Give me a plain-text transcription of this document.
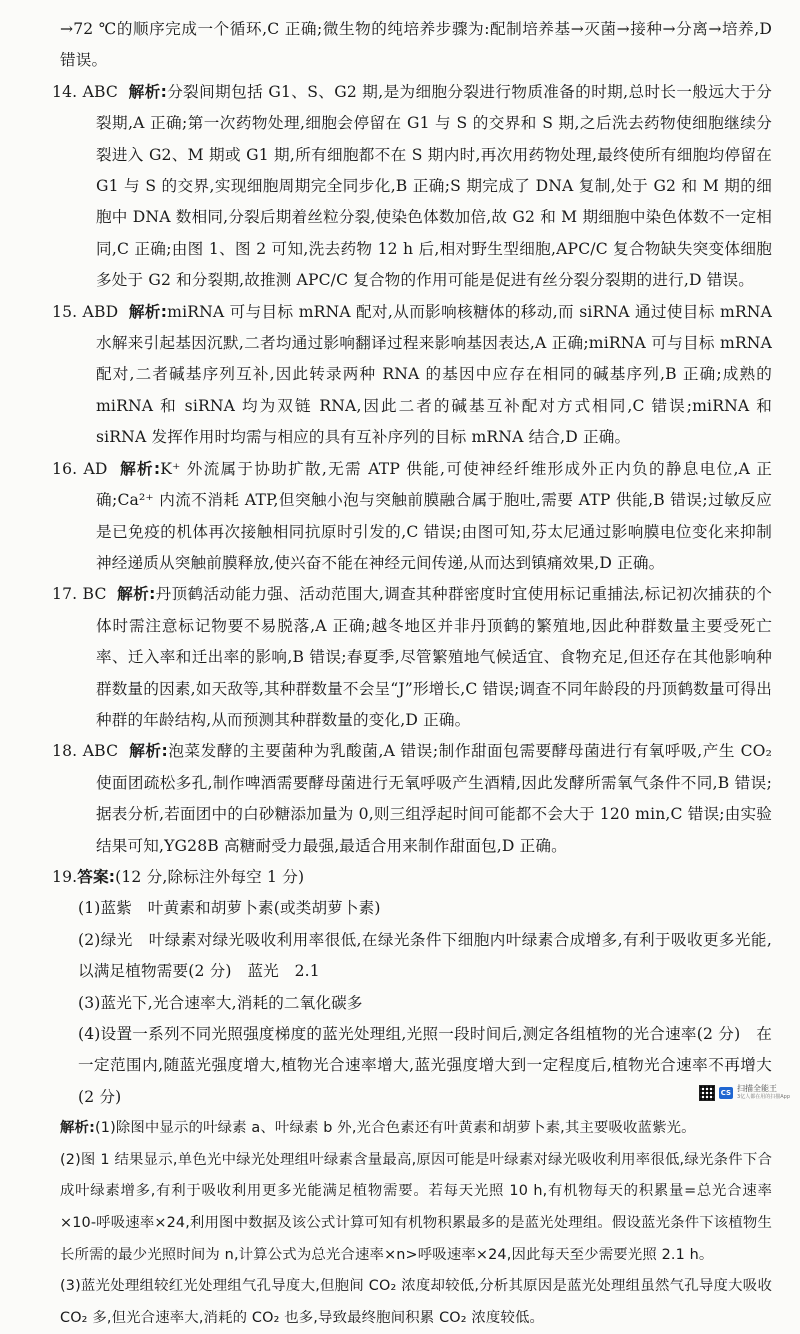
→72 ℃的顺序完成一个循环,C 正确;微生物的纯培养步骤为:配制培养基→灭菌→接种→分离→培养,D 错误。

14. ABC 解析:分裂间期包括 G1、S、G2 期,是为细胞分裂进行物质准备的时期,总时长一般远大于分裂期,A 正确;第一次药物处理,细胞会停留在 G1 与 S 的交界和 S 期,之后洗去药物使细胞继续分裂进入 G2、M 期或 G1 期,所有细胞都不在 S 期内时,再次用药物处理,最终使所有细胞均停留在 G1 与 S 的交界,实现细胞周期完全同步化,B 正确;S 期完成了 DNA 复制,处于 G2 和 M 期的细胞中 DNA 数相同,分裂后期着丝粒分裂,使染色体数加倍,故 G2 和 M 期细胞中染色体数不一定相同,C 正确;由图 1、图 2 可知,洗去药物 12 h 后,相对野生型细胞,APC/C 复合物缺失突变体细胞多处于 G2 和分裂期,故推测 APC/C 复合物的作用可能是促进有丝分裂分裂期的进行,D 错误。

15. ABD 解析:miRNA 可与目标 mRNA 配对,从而影响核糖体的移动,而 siRNA 通过使目标 mRNA 水解来引起基因沉默,二者均通过影响翻译过程来影响基因表达,A 正确;miRNA 可与目标 mRNA 配对,二者碱基序列互补,因此转录两种 RNA 的基因中应存在相同的碱基序列,B 正确;成熟的 miRNA 和 siRNA 均为双链 RNA,因此二者的碱基互补配对方式相同,C 错误;miRNA 和 siRNA 发挥作用时均需与相应的具有互补序列的目标 mRNA 结合,D 正确。

16. AD 解析:K⁺ 外流属于协助扩散,无需 ATP 供能,可使神经纤维形成外正内负的静息电位,A 正确;Ca²⁺ 内流不消耗 ATP,但突触小泡与突触前膜融合属于胞吐,需要 ATP 供能,B 错误;过敏反应是已免疫的机体再次接触相同抗原时引发的,C 错误;由图可知,芬太尼通过影响膜电位变化来抑制神经递质从突触前膜释放,使兴奋不能在神经元间传递,从而达到镇痛效果,D 正确。

17. BC 解析:丹顶鹤活动能力强、活动范围大,调查其种群密度时宜使用标记重捕法,标记初次捕获的个体时需注意标记物要不易脱落,A 正确;越冬地区并非丹顶鹤的繁殖地,因此种群数量主要受死亡率、迁入率和迁出率的影响,B 错误;春夏季,尽管繁殖地气候适宜、食物充足,但还存在其他影响种群数量的因素,如天敌等,其种群数量不会呈“J”形增长,C 错误;调查不同年龄段的丹顶鹤数量可得出种群的年龄结构,从而预测其种群数量的变化,D 正确。

18. ABC 解析:泡菜发酵的主要菌种为乳酸菌,A 错误;制作甜面包需要酵母菌进行有氧呼吸,产生 CO₂ 使面团疏松多孔,制作啤酒需要酵母菌进行无氧呼吸产生酒精,因此发酵所需氧气条件不同,B 错误;据表分析,若面团中的白砂糖添加量为 0,则三组浮起时间可能都不会大于 120 min,C 错误;由实验结果可知,YG28B 高糖耐受力最强,最适合用来制作甜面包,D 正确。

19.答案:(12 分,除标注外每空 1 分)

(1)蓝紫　叶黄素和胡萝卜素(或类胡萝卜素)

(2)绿光　叶绿素对绿光吸收利用率很低,在绿光条件下细胞内叶绿素合成增多,有利于吸收更多光能,以满足植物需要(2 分)　蓝光　2.1

(3)蓝光下,光合速率大,消耗的二氧化碳多

(4)设置一系列不同光照强度梯度的蓝光处理组,光照一段时间后,测定各组植物的光合速率(2 分)　在一定范围内,随蓝光强度增大,植物光合速率增大,蓝光强度增大到一定程度后,植物光合速率不再增大(2 分)

解析:(1)除图中显示的叶绿素 a、叶绿素 b 外,光合色素还有叶黄素和胡萝卜素,其主要吸收蓝紫光。

(2)图 1 结果显示,单色光中绿光处理组叶绿素含量最高,原因可能是叶绿素对绿光吸收利用率很低,绿光条件下合成叶绿素增多,有利于吸收利用更多光能满足植物需要。若每天光照 10 h,有机物每天的积累量=总光合速率×10-呼吸速率×24,利用图中数据及该公式计算可知有机物积累最多的是蓝光处理组。假设蓝光条件下该植物生长所需的最少光照时间为 n,计算公式为总光合速率×n>呼吸速率×24,因此每天至少需要光照 2.1 h。

(3)蓝光处理组较红光处理组气孔导度大,但胞间 CO₂ 浓度却较低,分析其原因是蓝光处理组虽然气孔导度大吸收 CO₂ 多,但光合速率大,消耗的 CO₂ 也多,导致最终胞间积累 CO₂ 浓度较低。

CS 扫描全能王
3亿人都在用的扫描App
